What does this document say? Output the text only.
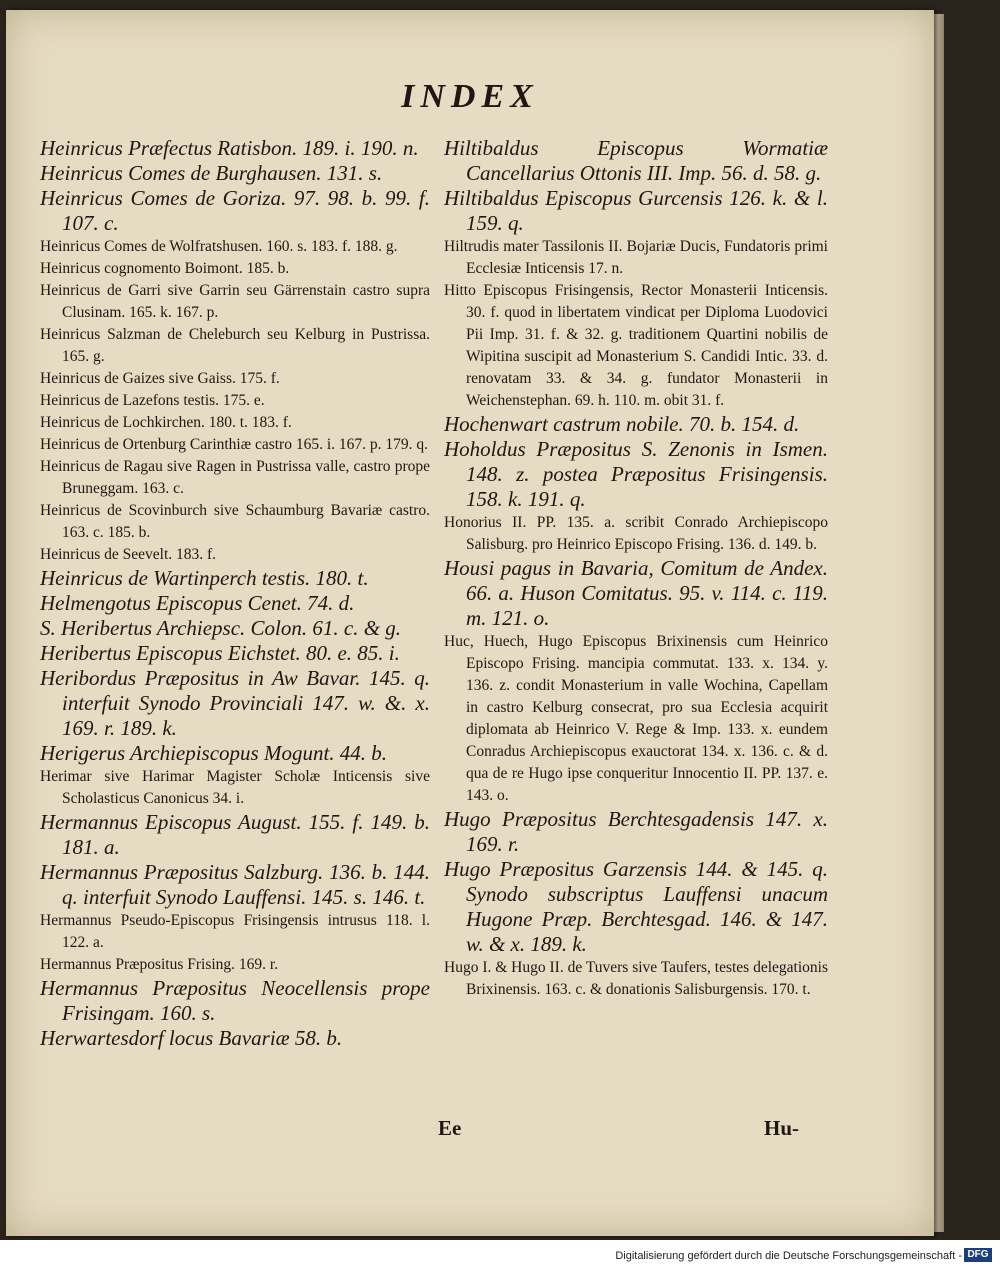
INDEX

Heinricus Præfectus Ratisbon. 189. i. 190. n.

Heinricus Comes de Burghausen. 131. s.

Heinricus Comes de Goriza. 97. 98. b. 99. f. 107. c.

Heinricus Comes de Wolfratshusen. 160. s. 183. f. 188. g.

Heinricus cognomento Boimont. 185. b.

Heinricus de Garri sive Garrin seu Gärrenstain castro supra Clusinam. 165. k. 167. p.

Heinricus Salzman de Cheleburch seu Kelburg in Pustrissa. 165. g.

Heinricus de Gaizes sive Gaiss. 175. f.

Heinricus de Lazefons testis. 175. e.

Heinricus de Lochkirchen. 180. t. 183. f.

Heinricus de Ortenburg Carinthiæ castro 165. i. 167. p. 179. q.

Heinricus de Ragau sive Ragen in Pustrissa valle, castro prope Bruneggam. 163. c.

Heinricus de Scovinburch sive Schaumburg Bavariæ castro. 163. c. 185. b.

Heinricus de Seevelt. 183. f.

Heinricus de Wartinperch testis. 180. t.

Helmengotus Episcopus Cenet. 74. d.

S. Heribertus Archiepsc. Colon. 61. c. & g.

Heribertus Episcopus Eichstet. 80. e. 85. i.

Heribordus Præpositus in Aw Bavar. 145. q. interfuit Synodo Provinciali 147. w. &. x. 169. r. 189. k.

Herigerus Archiepiscopus Mogunt. 44. b.

Herimar sive Harimar Magister Scholæ Inticensis sive Scholasticus Canonicus 34. i.

Hermannus Episcopus August. 155. f. 149. b. 181. a.

Hermannus Præpositus Salzburg. 136. b. 144. q. interfuit Synodo Lauffensi. 145. s. 146. t.

Hermannus Pseudo-Episcopus Frisingensis intrusus 118. l. 122. a.

Hermannus Præpositus Frising. 169. r.

Hermannus Præpositus Neocellensis prope Frisingam. 160. s.

Herwartesdorf locus Bavariæ 58. b.

Hiltibaldus Episcopus Wormatiæ Cancellarius Ottonis III. Imp. 56. d. 58. g.

Hiltibaldus Episcopus Gurcensis 126. k. & l. 159. q.

Hiltrudis mater Tassilonis II. Bojariæ Ducis, Fundatoris primi Ecclesiæ Inticensis 17. n.

Hitto Episcopus Frisingensis, Rector Monasterii Inticensis. 30. f. quod in libertatem vindicat per Diploma Luodovici Pii Imp. 31. f. & 32. g. traditionem Quartini nobilis de Wipitina suscipit ad Monasterium S. Candidi Intic. 33. d. renovatam 33. & 34. g. fundator Monasterii in Weichenstephan. 69. h. 110. m. obit 31. f.

Hochenwart castrum nobile. 70. b. 154. d.

Hoholdus Præpositus S. Zenonis in Ismen. 148. z. postea Præpositus Frisingensis. 158. k. 191. q.

Honorius II. PP. 135. a. scribit Conrado Archiepiscopo Salisburg. pro Heinrico Episcopo Frising. 136. d. 149. b.

Housi pagus in Bavaria, Comitum de Andex. 66. a. Huson Comitatus. 95. v. 114. c. 119. m. 121. o.

Huc, Huech, Hugo Episcopus Brixinensis cum Heinrico Episcopo Frising. mancipia commutat. 133. x. 134. y. 136. z. condit Monasterium in valle Wochina, Capellam in castro Kelburg consecrat, pro sua Ecclesia acquirit diplomata ab Heinrico V. Rege & Imp. 133. x. eundem Conradus Archiepiscopus exauctorat 134. x. 136. c. & d. qua de re Hugo ipse conqueritur Innocentio II. PP. 137. e. 143. o.

Hugo Præpositus Berchtesgadensis 147. x. 169. r.

Hugo Præpositus Garzensis 144. & 145. q. Synodo subscriptus Lauffensi unacum Hugone Præp. Berchtesgad. 146. & 147. w. & x. 189. k.

Hugo I. & Hugo II. de Tuvers sive Taufers, testes delegationis Brixinensis. 163. c. & donationis Salisburgensis. 170. t.

Ee	Hu-
Digitalisierung gefördert durch die Deutsche Forschungsgemeinschaft - DFG
